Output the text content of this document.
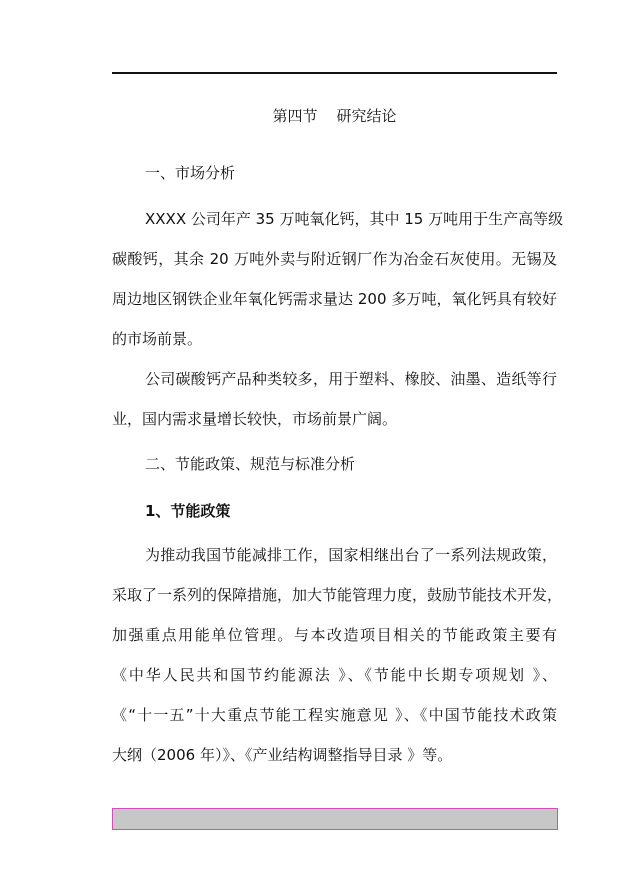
第四节    研究结论
一、市场分析
XXXX 公司年产 35 万吨氧化钙，其中 15 万吨用于生产高等级
碳酸钙，其余 20 万吨外卖与附近钢厂作为冶金石灰使用。无锡及
周边地区钢铁企业年氧化钙需求量达 200 多万吨，氧化钙具有较好
的市场前景。
公司碳酸钙产品种类较多，用于塑料、橡胶、油墨、造纸等行
业，国内需求量增长较快，市场前景广阔。
二、节能政策、规范与标准分析
1、节能政策
为推动我国节能减排工作，国家相继出台了一系列法规政策，
采取了一系列的保障措施，加大节能管理力度，鼓励节能技术开发，
加强重点用能单位管理。与本改造项目相关的节能政策主要有
《中华人民共和国节约能源法 》、《节能中长期专项规划 》、
《“十一五”十大重点节能工程实施意见 》、《中国节能技术政策
大纲（2006 年）》、《产业结构调整指导目录 》等。
